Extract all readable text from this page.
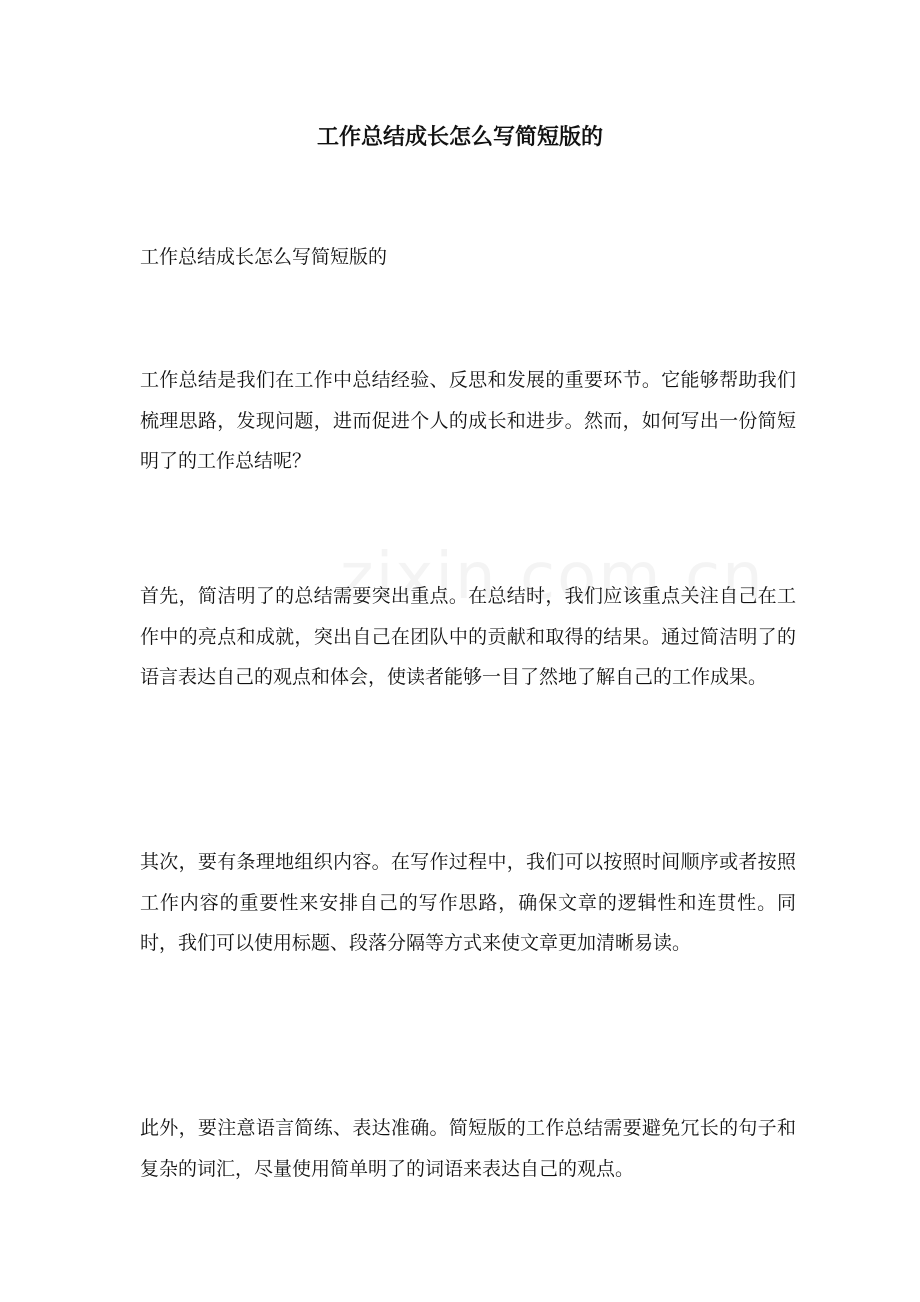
工作总结成长怎么写简短版的

工作总结成长怎么写简短版的

工作总结是我们在工作中总结经验、反思和发展的重要环节。它能够帮助我们梳理思路，发现问题，进而促进个人的成长和进步。然而，如何写出一份简短明了的工作总结呢？

首先，简洁明了的总结需要突出重点。在总结时，我们应该重点关注自己在工作中的亮点和成就，突出自己在团队中的贡献和取得的结果。通过简洁明了的语言表达自己的观点和体会，使读者能够一目了然地了解自己的工作成果。

其次，要有条理地组织内容。在写作过程中，我们可以按照时间顺序或者按照工作内容的重要性来安排自己的写作思路，确保文章的逻辑性和连贯性。同时，我们可以使用标题、段落分隔等方式来使文章更加清晰易读。

此外，要注意语言简练、表达准确。简短版的工作总结需要避免冗长的句子和复杂的词汇，尽量使用简单明了的词语来表达自己的观点。
